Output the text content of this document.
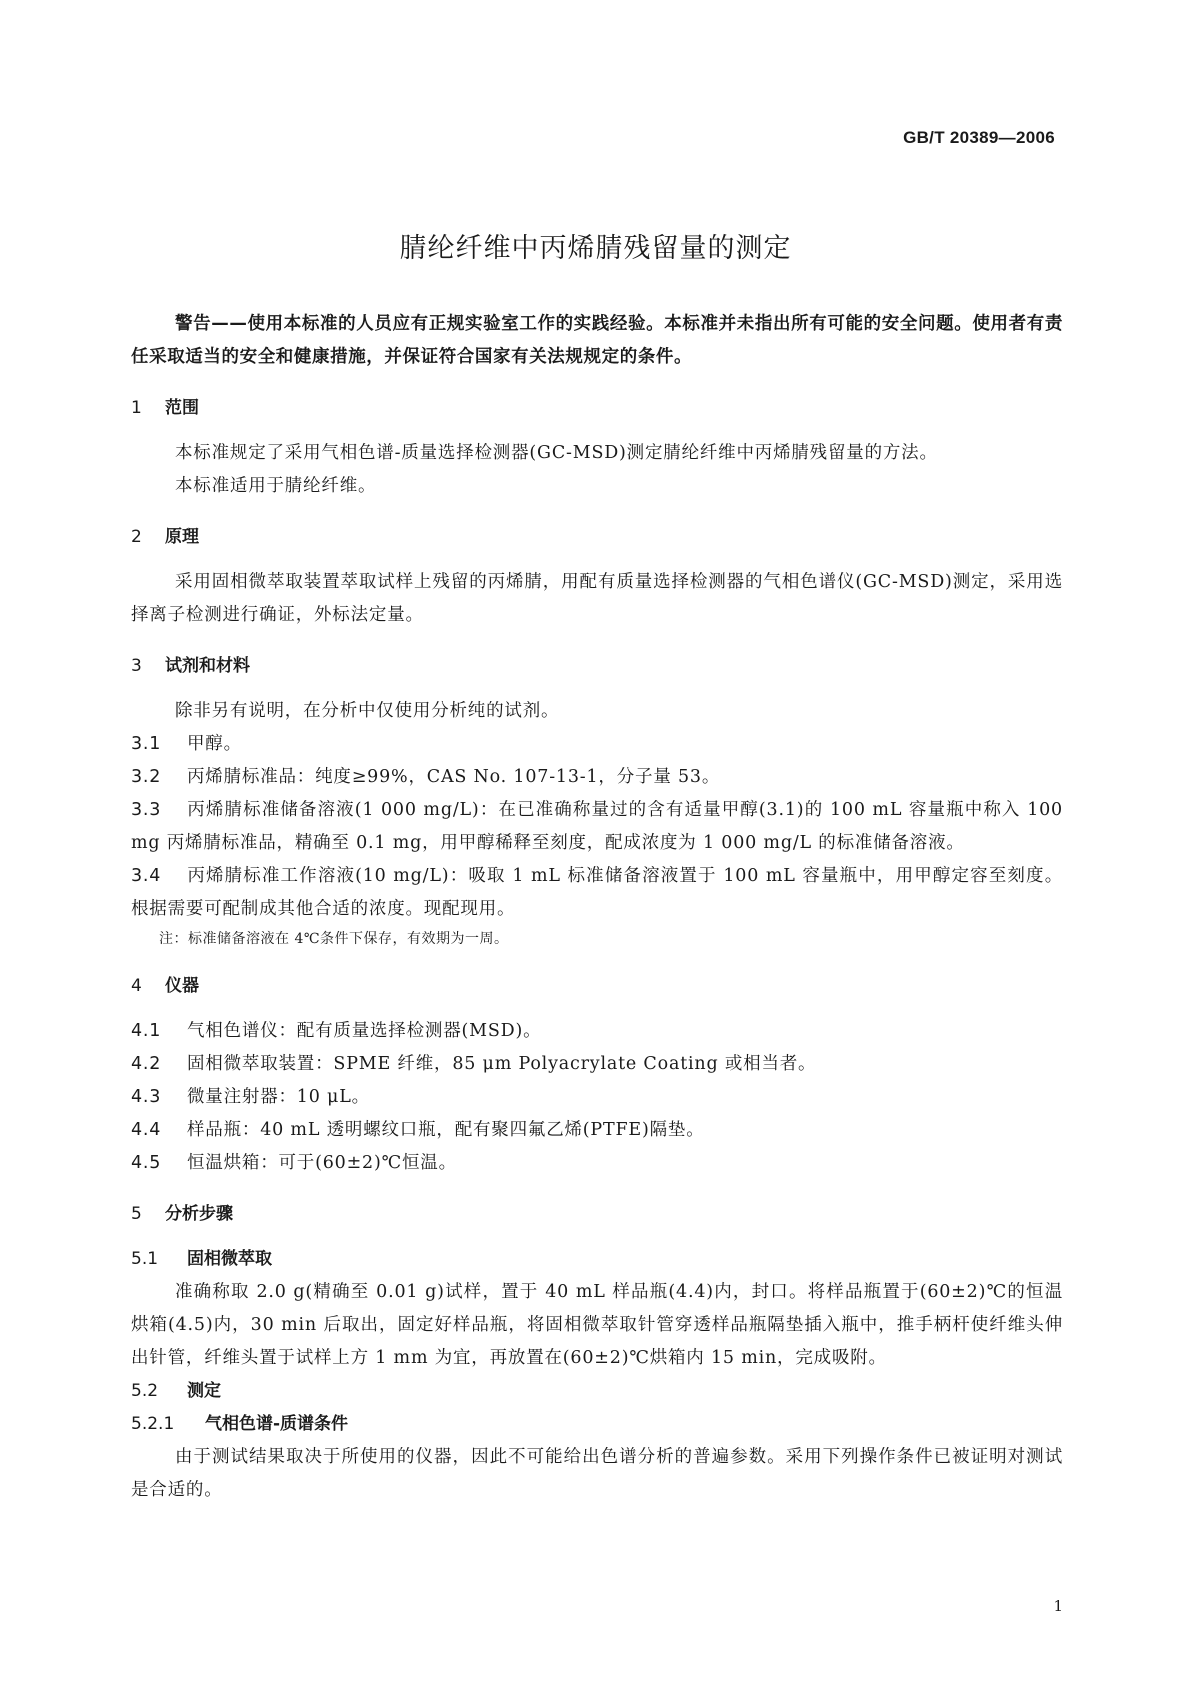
GB/T 20389—2006
腈纶纤维中丙烯腈残留量的测定

警告——使用本标准的人员应有正规实验室工作的实践经验。本标准并未指出所有可能的安全问题。使用者有责任采取适当的安全和健康措施，并保证符合国家有关法规规定的条件。

1 范围

本标准规定了采用气相色谱-质量选择检测器(GC-MSD)测定腈纶纤维中丙烯腈残留量的方法。

本标准适用于腈纶纤维。

2 原理

采用固相微萃取装置萃取试样上残留的丙烯腈，用配有质量选择检测器的气相色谱仪(GC-MSD)测定，采用选择离子检测进行确证，外标法定量。

3 试剂和材料

除非另有说明，在分析中仅使用分析纯的试剂。

3.1 甲醇。

3.2 丙烯腈标准品：纯度≥99%，CAS No. 107-13-1，分子量 53。

3.3 丙烯腈标准储备溶液(1 000 mg/L)：在已准确称量过的含有适量甲醇(3.1)的 100 mL 容量瓶中称入 100 mg 丙烯腈标准品，精确至 0.1 mg，用甲醇稀释至刻度，配成浓度为 1 000 mg/L 的标准储备溶液。

3.4 丙烯腈标准工作溶液(10 mg/L)：吸取 1 mL 标准储备溶液置于 100 mL 容量瓶中，用甲醇定容至刻度。根据需要可配制成其他合适的浓度。现配现用。

注：标准储备溶液在 4℃条件下保存，有效期为一周。

4 仪器

4.1 气相色谱仪：配有质量选择检测器(MSD)。

4.2 固相微萃取装置：SPME 纤维，85 μm Polyacrylate Coating 或相当者。

4.3 微量注射器：10 μL。

4.4 样品瓶：40 mL 透明螺纹口瓶，配有聚四氟乙烯(PTFE)隔垫。

4.5 恒温烘箱：可于(60±2)℃恒温。

5 分析步骤

5.1 固相微萃取

准确称取 2.0 g(精确至 0.01 g)试样，置于 40 mL 样品瓶(4.4)内，封口。将样品瓶置于(60±2)℃的恒温烘箱(4.5)内，30 min 后取出，固定好样品瓶，将固相微萃取针管穿透样品瓶隔垫插入瓶中，推手柄杆使纤维头伸出针管，纤维头置于试样上方 1 mm 为宜，再放置在(60±2)℃烘箱内 15 min，完成吸附。

5.2 测定

5.2.1 气相色谱-质谱条件

由于测试结果取决于所使用的仪器，因此不可能给出色谱分析的普遍参数。采用下列操作条件已被证明对测试是合适的。

1
